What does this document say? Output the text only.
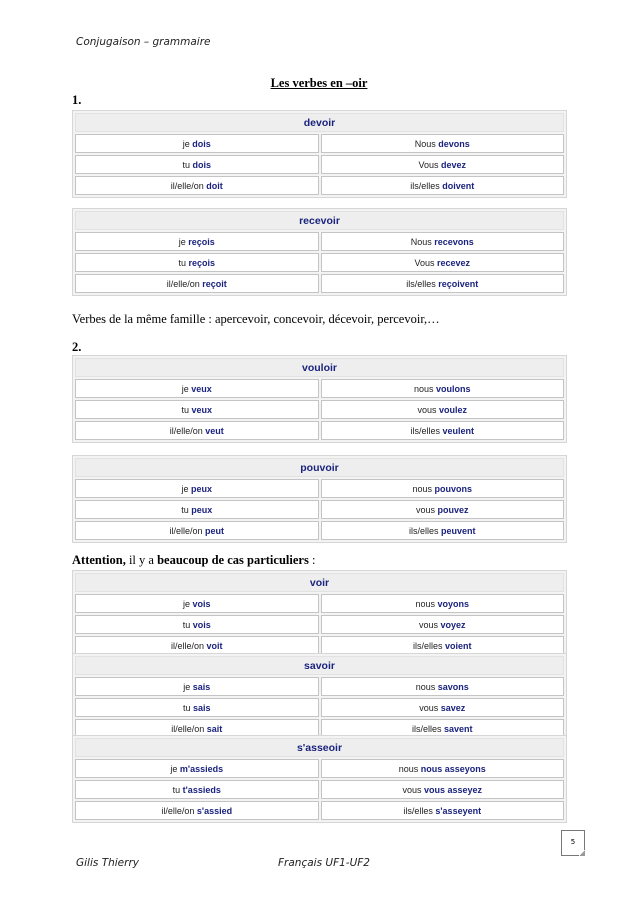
Conjugaison – grammaire
Les verbes en –oir
1.
devoir	
je dois	Nous devons
tu dois	Vous devez
il/elle/on doit	ils/elles doivent
recevoir	
je reçois	Nous recevons
tu reçois	Vous recevez
il/elle/on reçoit	ils/elles reçoivent
Verbes de la même famille : apercevoir, concevoir, décevoir, percevoir,…
2.
vouloir	
je veux	nous voulons
tu veux	vous voulez
il/elle/on veut	ils/elles veulent
pouvoir	
je peux	nous pouvons
tu peux	vous pouvez
il/elle/on peut	ils/elles peuvent
Attention, il y a beaucoup de cas particuliers :
voir	
je vois	nous voyons
tu vois	vous voyez
il/elle/on voit	ils/elles voient
savoir	
je sais	nous savons
tu sais	vous savez
il/elle/on sait	ils/elles savent
s'asseoir	
je m'assieds	nous nous asseyons
tu t'assieds	vous vous asseyez
il/elle/on s'assied	ils/elles s'asseyent
5
Gilis Thierry	Français UF1-UF2
